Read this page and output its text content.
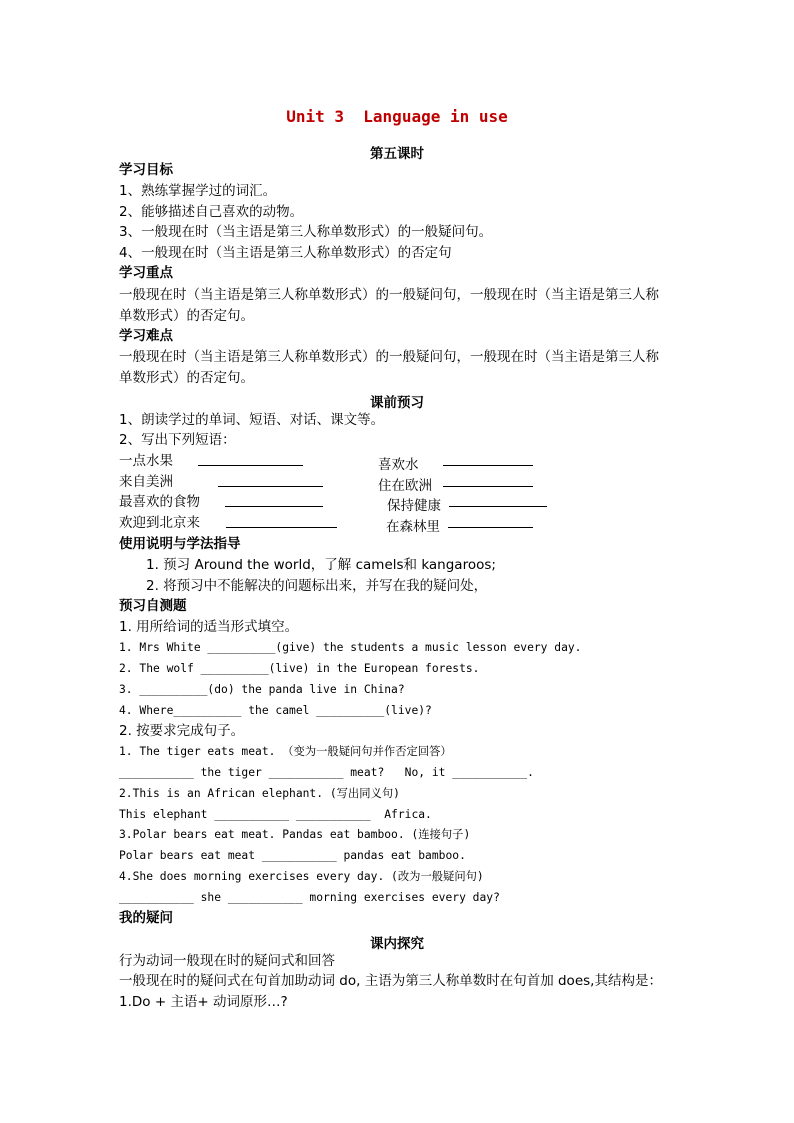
Unit 3  Language in use
第五课时
学习目标
1、熟练掌握学过的词汇。
2、能够描述自己喜欢的动物。
3、一般现在时（当主语是第三人称单数形式）的一般疑问句。
4、一般现在时（当主语是第三人称单数形式）的否定句
学习重点
一般现在时（当主语是第三人称单数形式）的一般疑问句，一般现在时（当主语是第三人称
单数形式）的否定句。
学习难点
一般现在时（当主语是第三人称单数形式）的一般疑问句，一般现在时（当主语是第三人称
单数形式）的否定句。
课前预习
1、朗读学过的单词、短语、对话、课文等。
2、写出下列短语：
一点水果	喜欢水
来自美洲	住在欧洲
最喜欢的食物	保持健康
欢迎到北京来	在森林里
使用说明与学法指导
1. 预习 Around the world，了解 camels和 kangaroos;
2. 将预习中不能解决的问题标出来，并写在我的疑问处，
预习自测题
1. 用所给词的适当形式填空。
1. Mrs White __________(give) the students a music lesson every day.
2. The wolf __________(live) in the European forests.
3. __________(do) the panda live in China?
4. Where__________ the camel __________(live)?
2. 按要求完成句子。
1. The tiger eats meat. （变为一般疑问句并作否定回答）
___________ the tiger ___________ meat?   No, it ___________.
2.This is an African elephant. (写出同义句)
This elephant ___________ ___________  Africa.
3.Polar bears eat meat. Pandas eat bamboo. (连接句子)
Polar bears eat meat ___________ pandas eat bamboo.
4.She does morning exercises every day. (改为一般疑问句)
___________ she ___________ morning exercises every day?
我的疑问
课内探究
行为动词一般现在时的疑问式和回答
一般现在时的疑问式在句首加助动词 do, 主语为第三人称单数时在句首加 does,其结构是：
1.Do + 主语+ 动词原形…?
